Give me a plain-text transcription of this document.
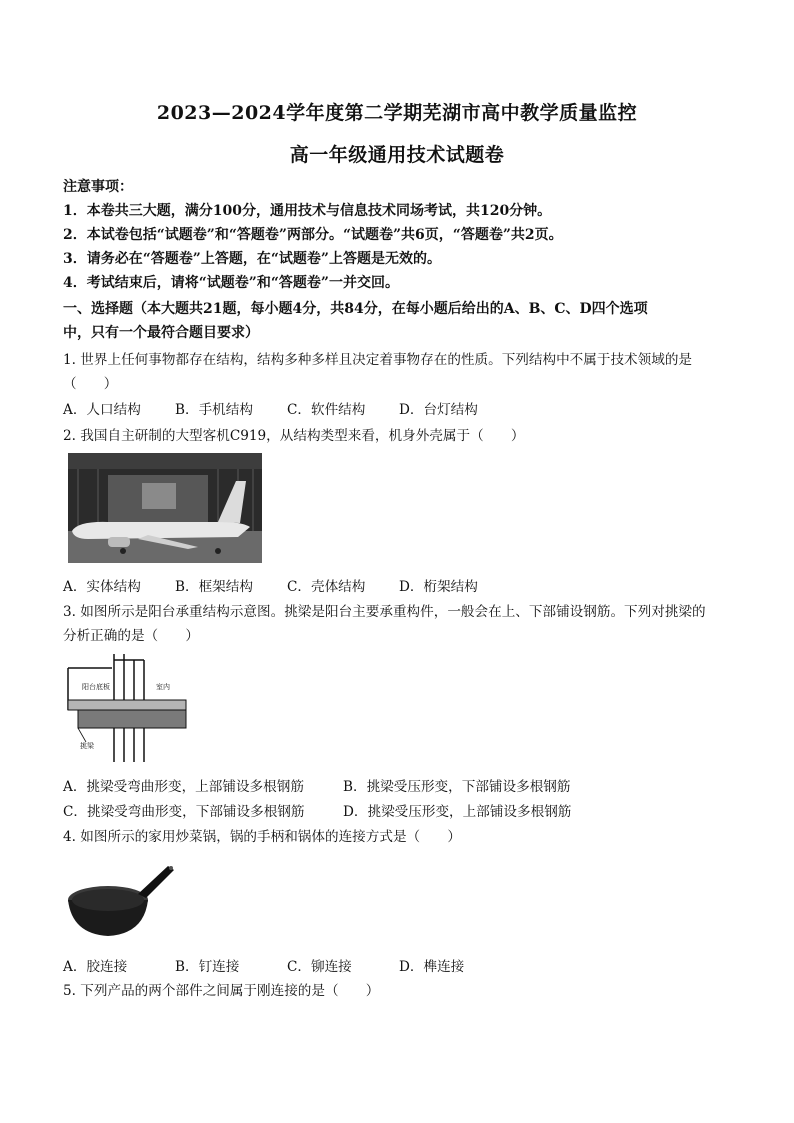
2023—2024学年度第二学期芜湖市高中教学质量监控
高一年级通用技术试题卷
注意事项：
1．本卷共三大题，满分100分，通用技术与信息技术同场考试，共120分钟。
2．本试卷包括“试题卷”和“答题卷”两部分。“试题卷”共6页，“答题卷”共2页。
3．请务必在“答题卷”上答题，在“试题卷”上答题是无效的。
4．考试结束后，请将“试题卷”和“答题卷”一并交回。
一、选择题（本大题共21题，每小题4分，共84分，在每小题后给出的A、B、C、D四个选项
中，只有一个最符合题目要求）
1. 世界上任何事物都存在结构，结构多种多样且决定着事物存在的性质。下列结构中不属于技术领域的是
（　　）
A．人口结构	B．手机结构	C．软件结构 D．台灯结构
2. 我国自主研制的大型客机C919，从结构类型来看，机身外壳属于（　　）
A．实体结构	B．框架结构	C．壳体结构 D．桁架结构
3. 如图所示是阳台承重结构示意图。挑梁是阳台主要承重构件，一般会在上、下部铺设钢筋。下列对挑梁的
分析正确的是（　　）
阳台底板	室内
挑梁
A．挑梁受弯曲形变，上部铺设多根钢筋	B．挑梁受压形变，下部铺设多根钢筋
C．挑梁受弯曲形变，下部铺设多根钢筋	D．挑梁受压形变，上部铺设多根钢筋
4. 如图所示的家用炒菜锅，锅的手柄和锅体的连接方式是（　　）
A．胶连接	B．钉连接	C．铆连接	D．榫连接
5. 下列产品的两个部件之间属于刚连接的是（　　）
